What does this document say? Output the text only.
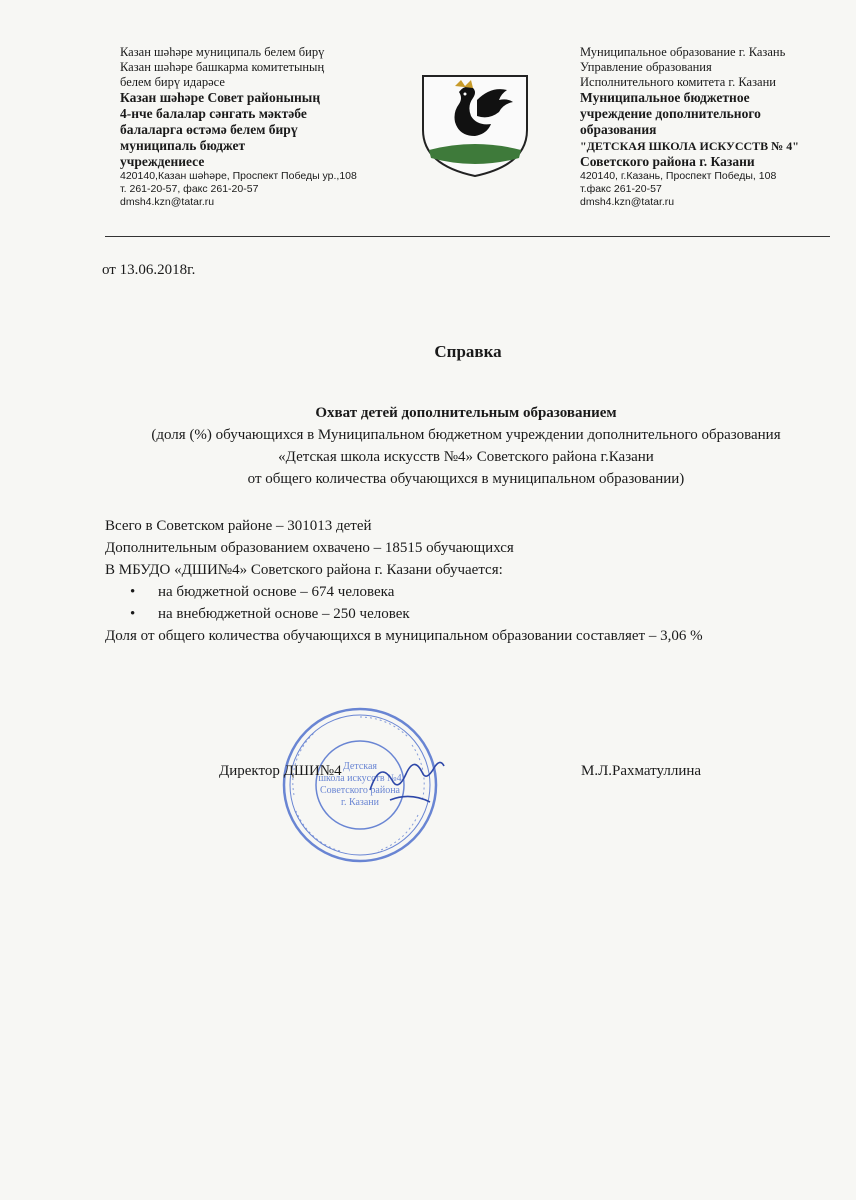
Казан шәһәре муниципаль белем бирү
Казан шәһәре башкарма комитетының
белем бирү идарәсе
Казан шәһәре Совет районының
4-нче балалар сәнгать мәктәбе
балаларга өстәмә белем бирү
муниципаль бюджет
учреждениесе
420140,Казан шәһәре, Проспект Победы ур.,108
т. 261-20-57, факс 261-20-57
dmsh4.kzn@tatar.ru
Муниципальное образование г. Казань
Управление образования
Исполнительного комитета г. Казани
Муниципальное бюджетное
учреждение дополнительного
образования
"ДЕТСКАЯ ШКОЛА ИСКУССТВ № 4"
Советского района г. Казани
420140, г.Казань, Проспект Победы, 108
т.факс 261-20-57
dmsh4.kzn@tatar.ru
от 13.06.2018г.
Справка
Охват детей дополнительным образованием
(доля (%) обучающихся в Муниципальном бюджетном учреждении дополнительного образования
«Детская школа искусств №4» Советского района г.Казани
от общего количества обучающихся в муниципальном образовании)
Всего в Советском районе – 301013 детей
Дополнительным образованием охвачено – 18515 обучающихся
В МБУДО «ДШИ№4» Советского района г. Казани обучается:
• на бюджетной основе – 674 человека
• на внебюджетной основе – 250 человек
Доля от общего количества обучающихся в муниципальном образовании составляет – 3,06 %
Детская
школа искусств №4
Советского района
г. Казани
Директор ДШИ№4	М.Л.Рахматуллина
